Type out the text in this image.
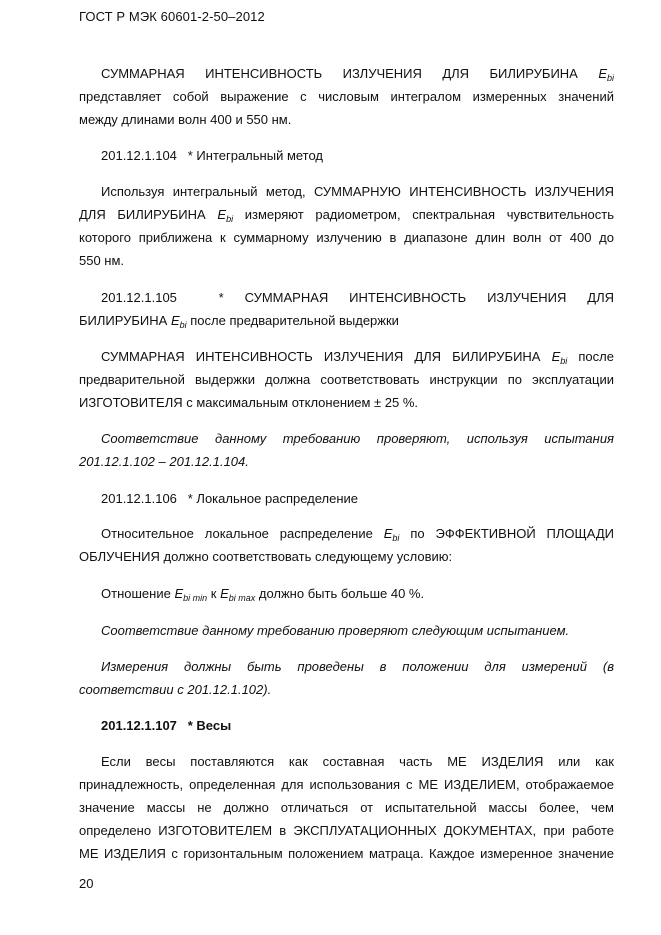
ГОСТ Р МЭК 60601-2-50–2012
СУММАРНАЯ ИНТЕНСИВНОСТЬ ИЗЛУЧЕНИЯ ДЛЯ БИЛИРУБИНА $E_{bi}$
представляет собой выражение с числовым интегралом измеренных значений
между длинами волн 400 и 550 нм.
201.12.1.104 * Интегральный метод
Используя интегральный метод, СУММАРНУЮ ИНТЕНСИВНОСТЬ ИЗЛУЧЕНИЯ
ДЛЯ БИЛИРУБИНА $E_{bi}$ измеряют радиометром, спектральная чувствительность
которого приближена к суммарному излучению в диапазоне длин волн от 400 до
550 нм.
201.12.1.105	* СУММАРНАЯ ИНТЕНСИВНОСТЬ ИЗЛУЧЕНИЯ ДЛЯ
БИЛИРУБИНА $E_{bi}$ после предварительной выдержки
СУММАРНАЯ ИНТЕНСИВНОСТЬ ИЗЛУЧЕНИЯ ДЛЯ БИЛИРУБИНА $E_{bi}$ после
предварительной выдержки должна соответствовать инструкции по эксплуатации
ИЗГОТОВИТЕЛЯ с максимальным отклонением ± 25 %.
Соответствие данному требованию проверяют, используя испытания
201.12.1.102 – 201.12.1.104.
201.12.1.106 * Локальное распределение
Относительное локальное распределение $E_{bi}$ по ЭФФЕКТИВНОЙ ПЛОЩАДИ
ОБЛУЧЕНИЯ должно соответствовать следующему условию:
Отношение $E_{bi min}$ к $E_{bi max}$ должно быть больше 40 %.
Соответствие данному требованию проверяют следующим испытанием.
Измерения должны быть проведены в положении для измерений (в
соответствии с 201.12.1.102).
201.12.1.107 * Весы
Если весы поставляются как составная часть МЕ ИЗДЕЛИЯ или как
принадлежность, определенная для использования с МЕ ИЗДЕЛИЕМ, отображаемое
значение массы не должно отличаться от испытательной массы более, чем
определено ИЗГОТОВИТЕЛЕМ в ЭКСПЛУАТАЦИОННЫХ ДОКУМЕНТАХ, при работе
МЕ ИЗДЕЛИЯ с горизонтальным положением матраца. Каждое измеренное значение
20
